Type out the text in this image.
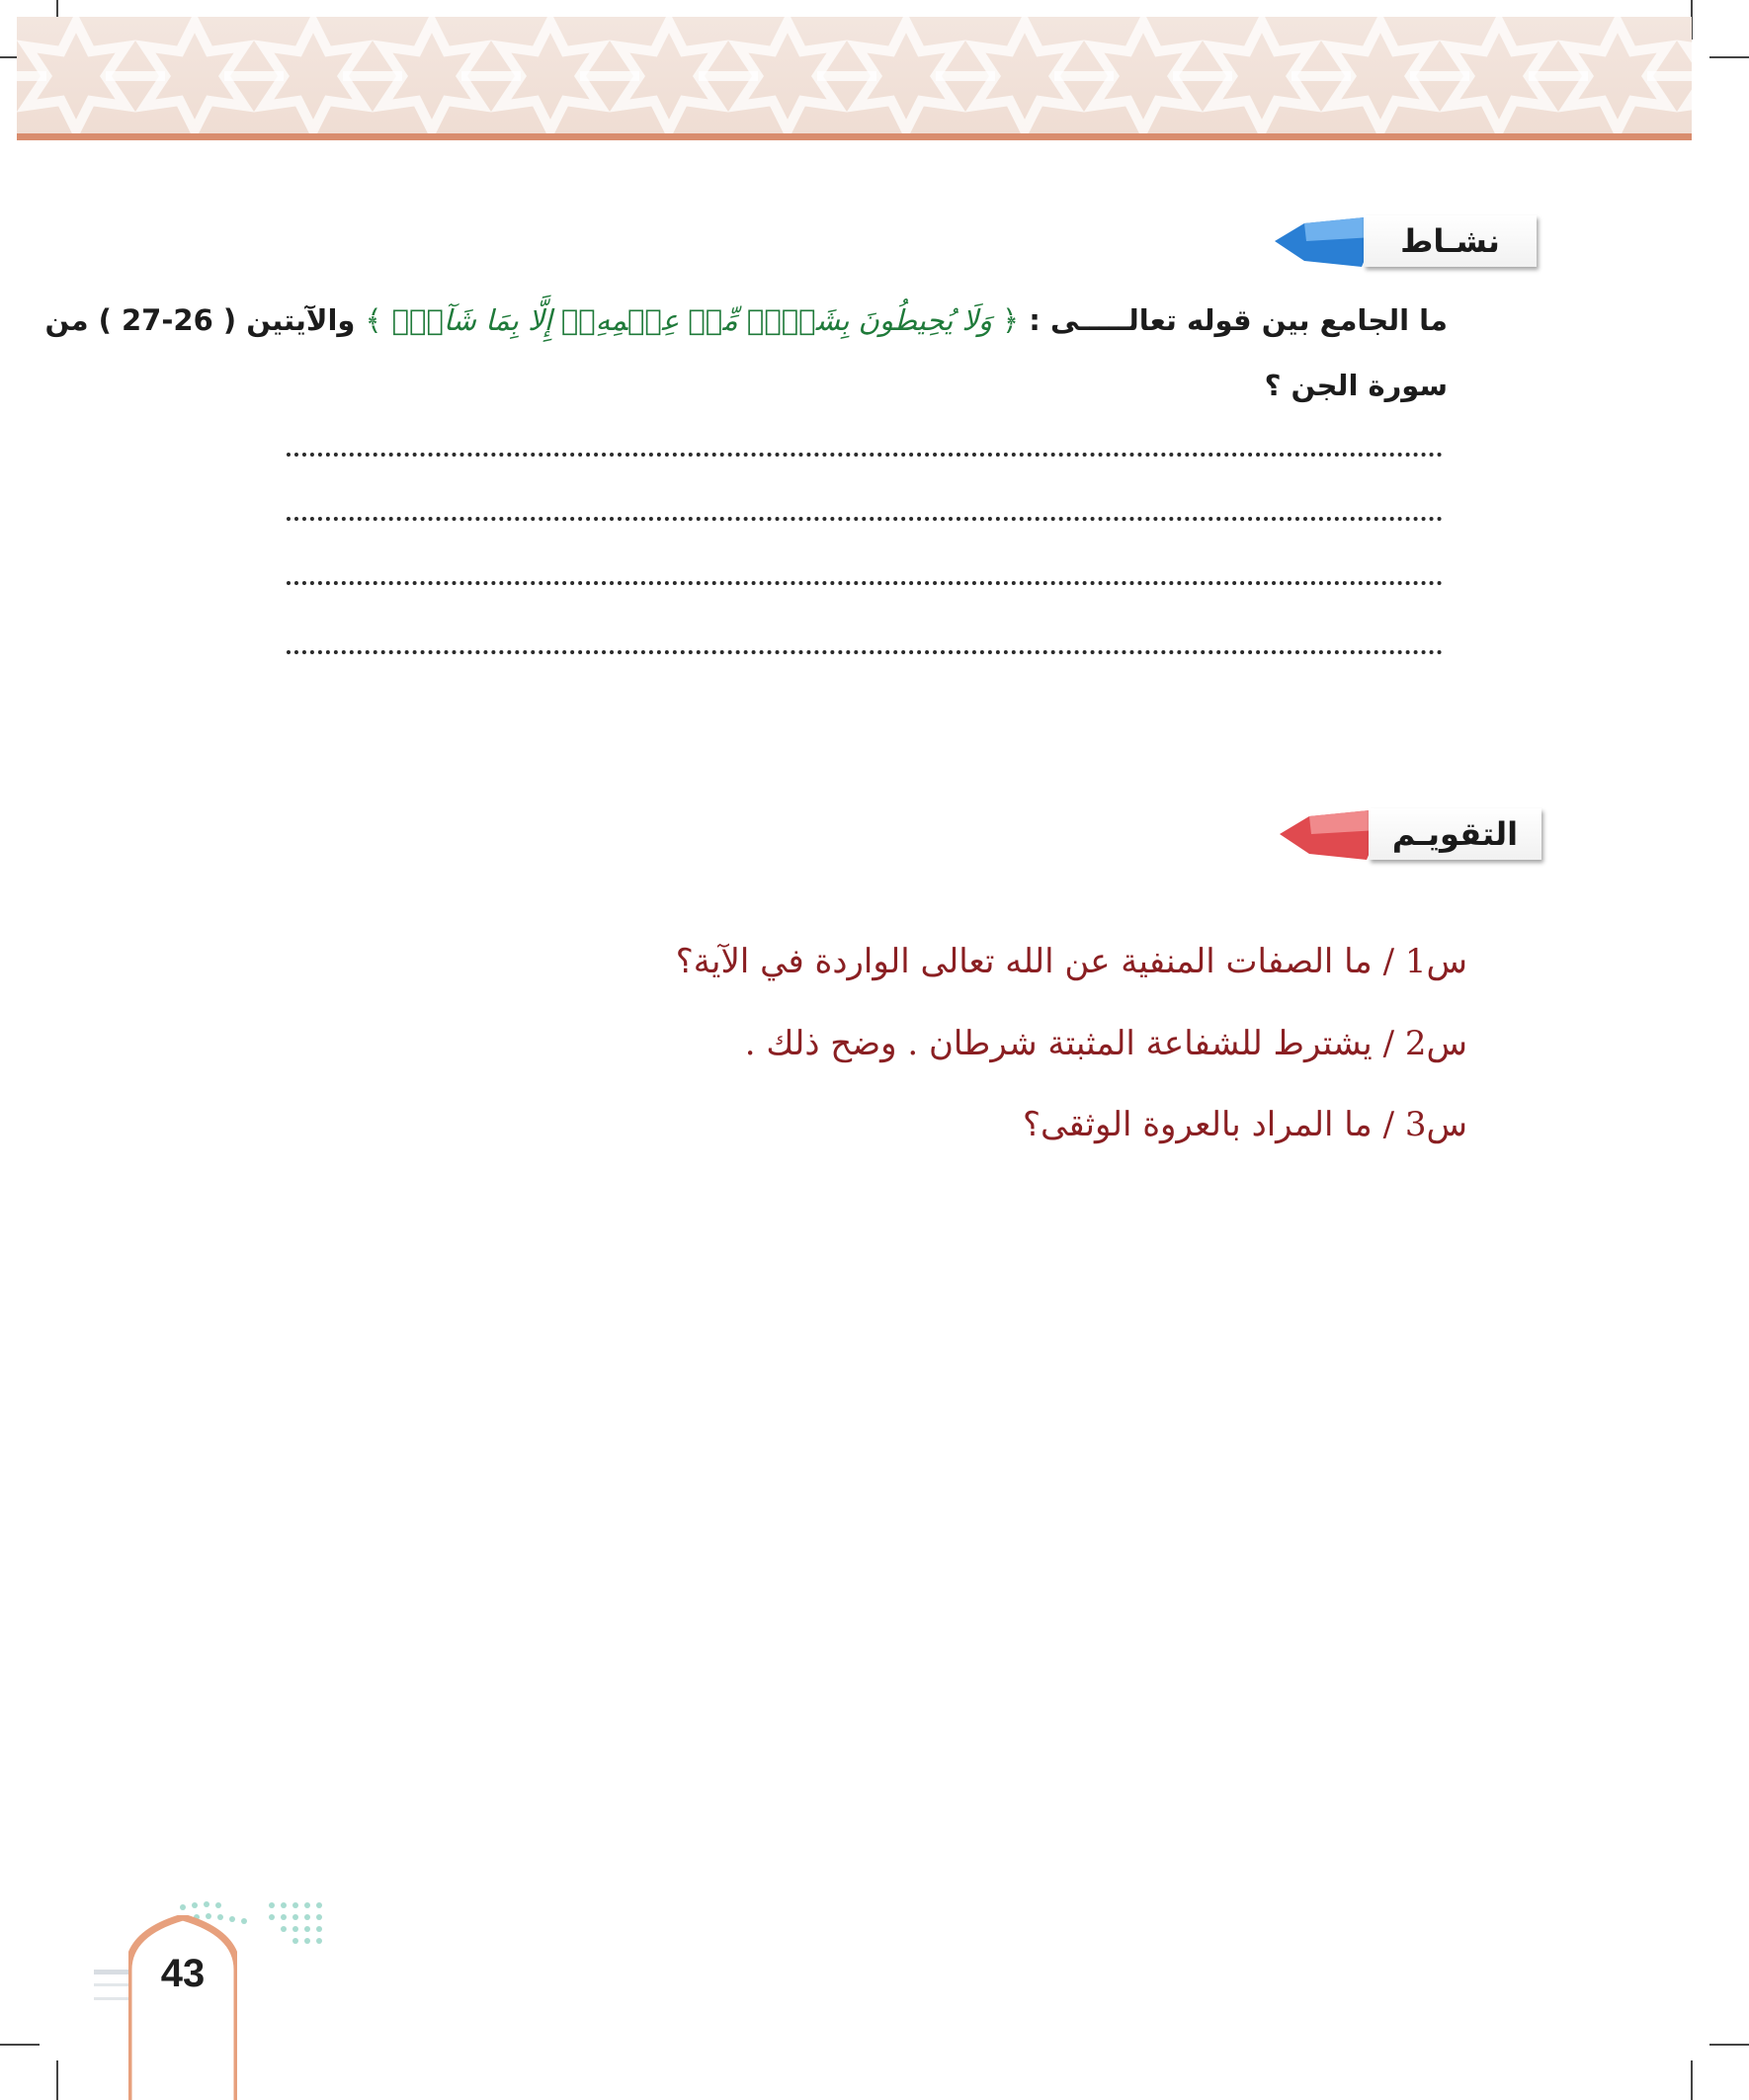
نشـاط
ما الجامع بين قوله تعالـــــى : ﴿ وَلَا يُحِيطُونَ بِشَيۡءٖ مِّنۡ عِلۡمِهِۦٓ إِلَّا بِمَا شَآءَۚ ﴾ والآيتين ( 26-27 ) من
سورة الجن ؟
التقويـم
س1 / ما الصفات المنفية عن الله تعالى الواردة في الآية؟
س2 / يشترط للشفاعة المثبتة شرطان . وضح ذلك .
س3 / ما المراد بالعروة الوثقى؟
43
